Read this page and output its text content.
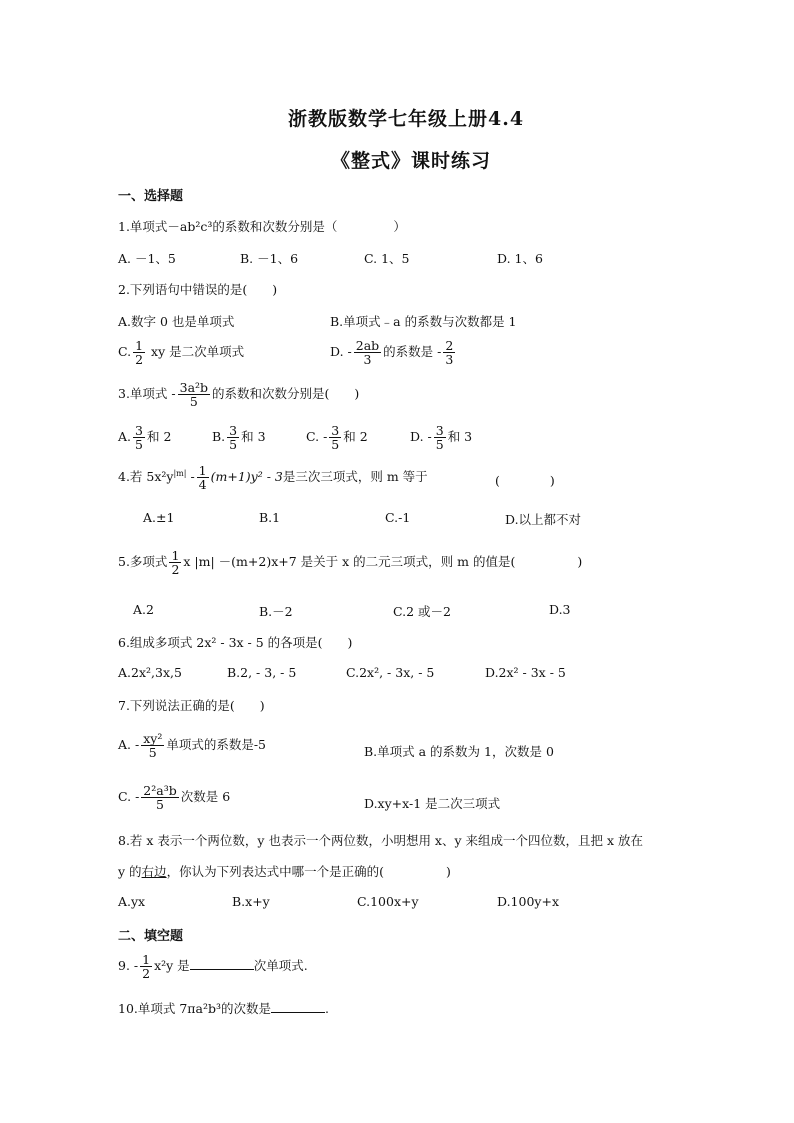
浙教版数学七年级上册4.4
《整式》课时练习
一、选择题
1.单项式－ab²c³的系数和次数分别是（	）
A. －1、5	B. －1、6	C. 1、5	D. 1、6
2.下列语句中错误的是(　　)
A.数字 0 也是单项式	B.单项式﹣a 的系数与次数都是 1
C. $\frac{1}{2}$ xy 是二次单项式	D. - $\frac{2ab}{3}$ 的系数是 - $\frac{2}{3}$
3.单项式 - $\frac{\text{3a²b}}{5}$ 的系数和次数分别是(　　)
A. $\frac{3}{5}$ 和 2	B. $\frac{3}{5}$ 和 3	C. - $\frac{3}{5}$ 和 2	D. - $\frac{3}{5}$ 和 3
4.若 $5x^2y^{|m|} - \frac{1}{4} (m+1)y^2 - 3$是三次三项式，则 m 等于	(　　　　)
A.±1	B.1	C.-1	D.以上都不对
5.多项式 $\frac{1}{2}$ x |m| －(m+2)x+7 是关于 x 的二元三项式，则 m 的值是(	)
A.2	B.－2	C.2 或－2	D.3
6.组成多项式 2x² - 3x - 5 的各项是(　　)
A.2x²,3x,5	B.2, - 3, - 5	C.2x², - 3x, - 5	D.2x² - 3x - 5
7.下列说法正确的是(　　)
A. - $\frac{\text{xy²}}{5}$ 单项式的系数是-5	B.单项式 a 的系数为 1，次数是 0
C. - $\frac{\text{2²a³b}}{5}$ 次数是 6	D.xy+x-1 是二次三项式
8.若 x 表示一个两位数，y 也表示一个两位数，小明想用 x、y 来组成一个四位数，且把 x 放在
y 的右边，你认为下列表达式中哪一个是正确的(	)
A.yx	B.x+y	C.100x+y	D.100y+x
二、填空题
9. - $\frac{1}{2} x^2y$ 是	次单项式.
10.单项式 7πa²b³的次数是	.
